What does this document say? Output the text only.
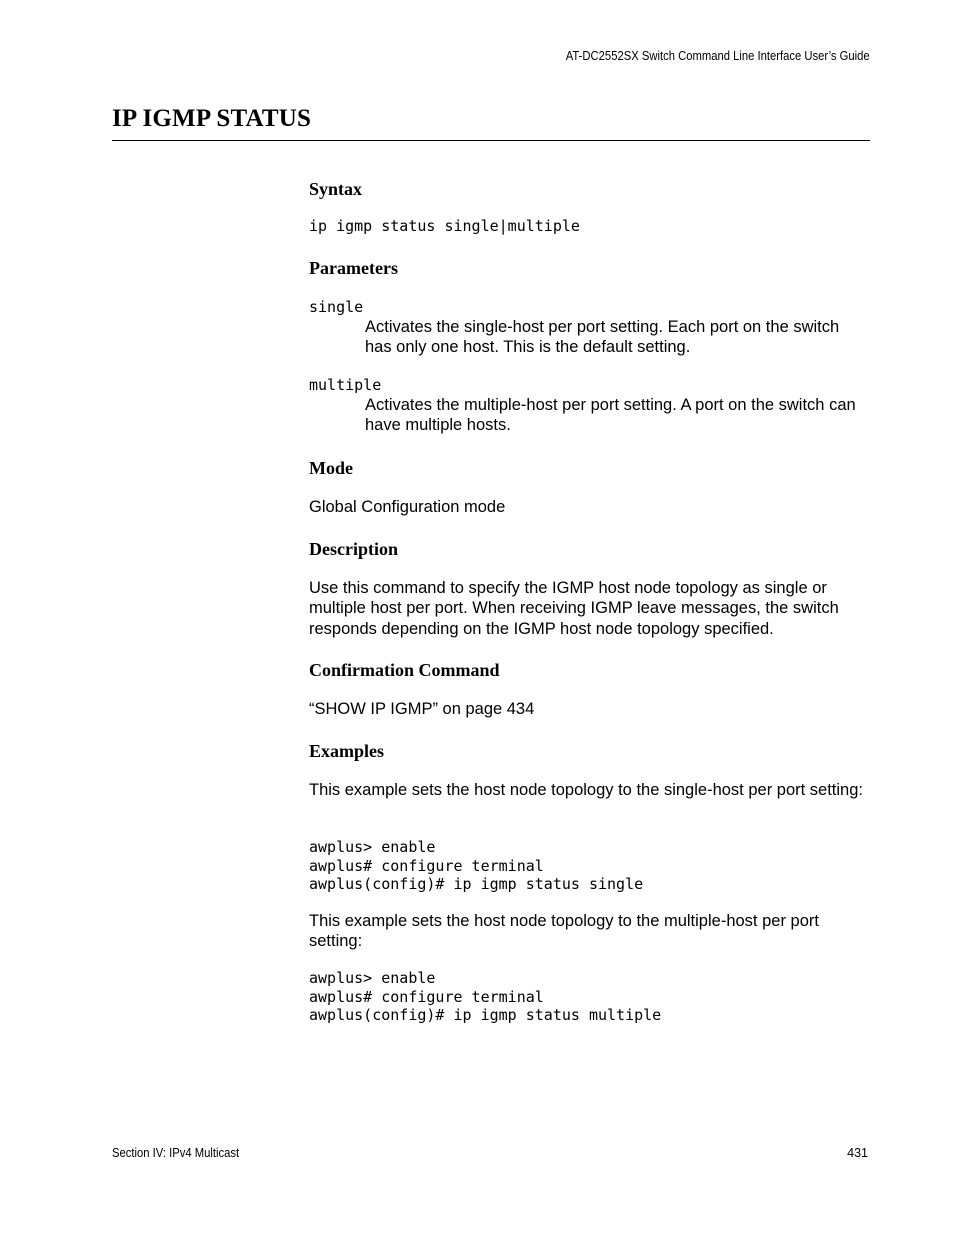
AT-DC2552SX Switch Command Line Interface User’s Guide
IP IGMP STATUS
Syntax
ip igmp status single|multiple
Parameters
single
Activates the single-host per port setting. Each port on the switch has only one host. This is the default setting.
multiple
Activates the multiple-host per port setting. A port on the switch can have multiple hosts.
Mode
Global Configuration mode
Description
Use this command to specify the IGMP host node topology as single or multiple host per port. When receiving IGMP leave messages, the switch responds depending on the IGMP host node topology specified.
Confirmation Command
“SHOW IP IGMP” on page 434
Examples
This example sets the host node topology to the single-host per port setting:
awplus> enable
awplus# configure terminal
awplus(config)# ip igmp status single
This example sets the host node topology to the multiple-host per port setting:
awplus> enable
awplus# configure terminal
awplus(config)# ip igmp status multiple
Section IV: IPv4 Multicast	431
